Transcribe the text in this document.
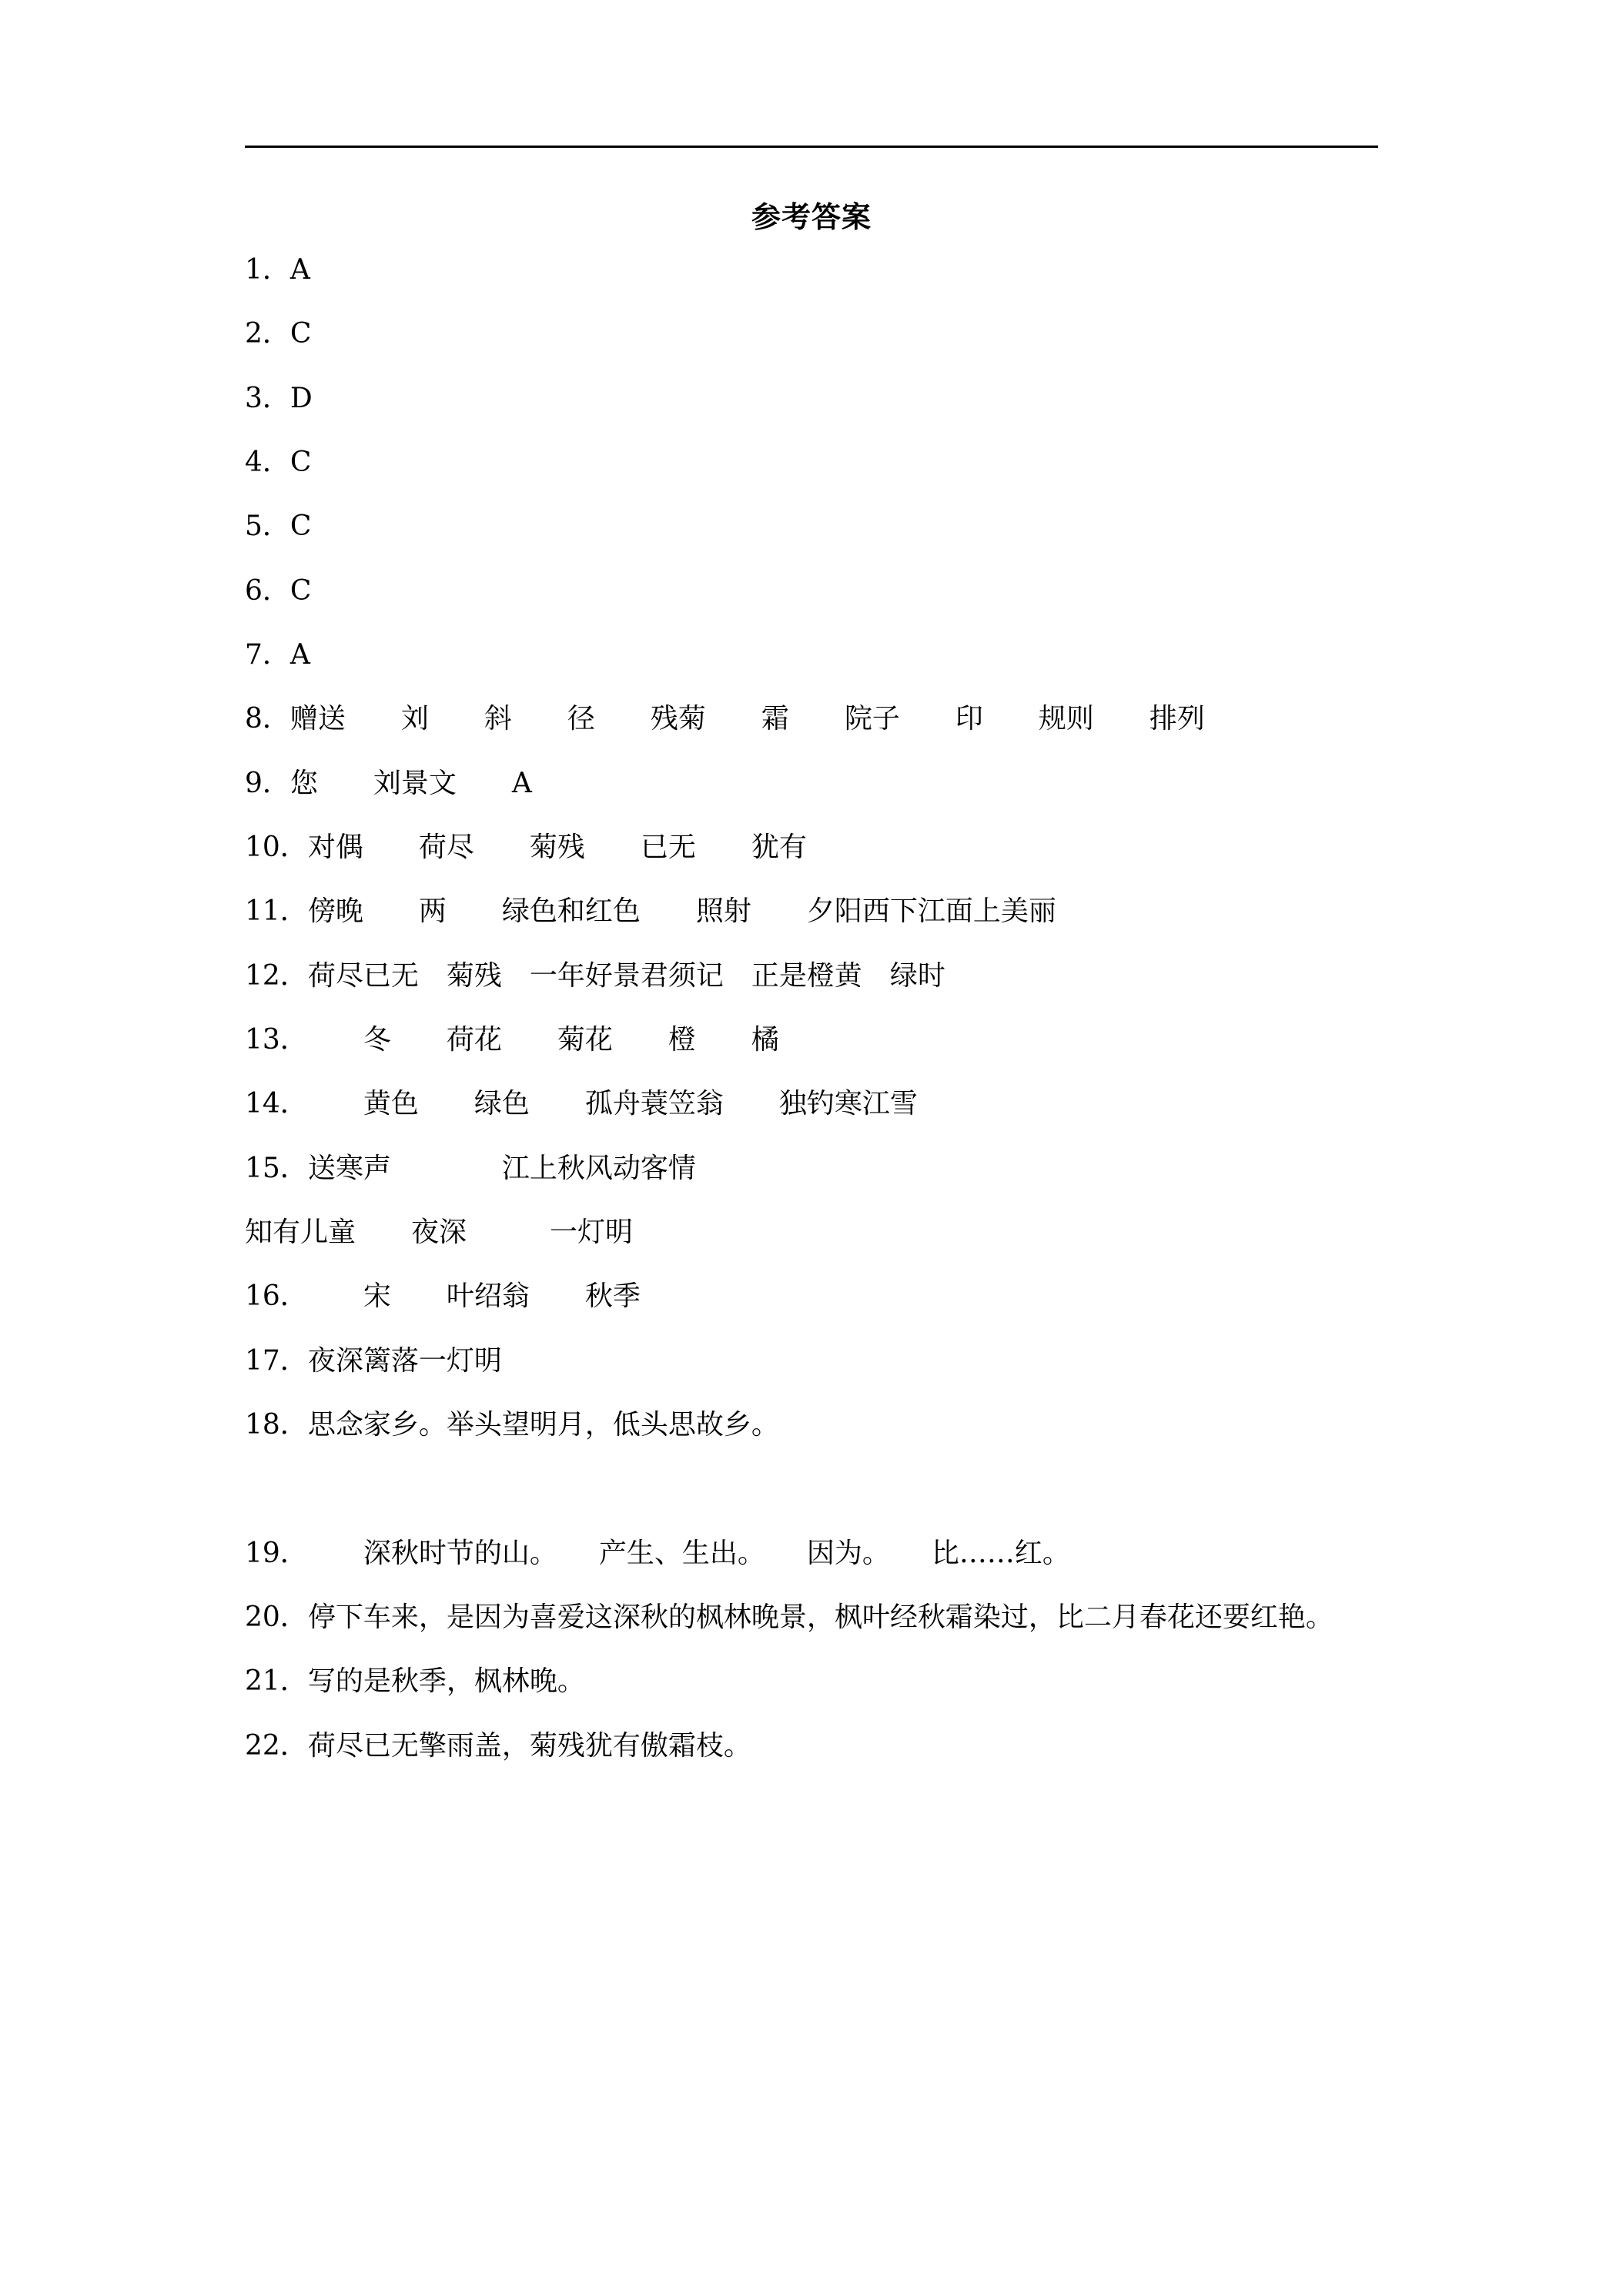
参考答案
1．A
2．C
3．D
4．C
5．C
6．C
7．A
8．赠送　　刘　　斜　　径　　残菊　　霜　　院子　　印　　规则　　排列
9．您　　刘景文　　A
10．对偶　　荷尽　　菊残　　已无　　犹有
11．傍晚　　两　　绿色和红色　　照射　　夕阳西下江面上美丽
12．荷尽已无　菊残　一年好景君须记　正是橙黄　绿时
13．　　冬　　荷花　　菊花　　橙　　橘
14．　　黄色　　绿色　　孤舟蓑笠翁　　独钓寒江雪
15．送寒声　　　　江上秋风动客情
知有儿童　　夜深　　　一灯明
16．　　宋　　叶绍翁　　秋季
17．夜深篱落一灯明
18．思念家乡。举头望明月，低头思故乡。
19．　　深秋时节的山。　　产生、生出。　　因为。　　比……红。
20．停下车来，是因为喜爱这深秋的枫林晚景，枫叶经秋霜染过，比二月春花还要红艳。
21．写的是秋季，枫林晚。
22．荷尽已无擎雨盖，菊残犹有傲霜枝。
